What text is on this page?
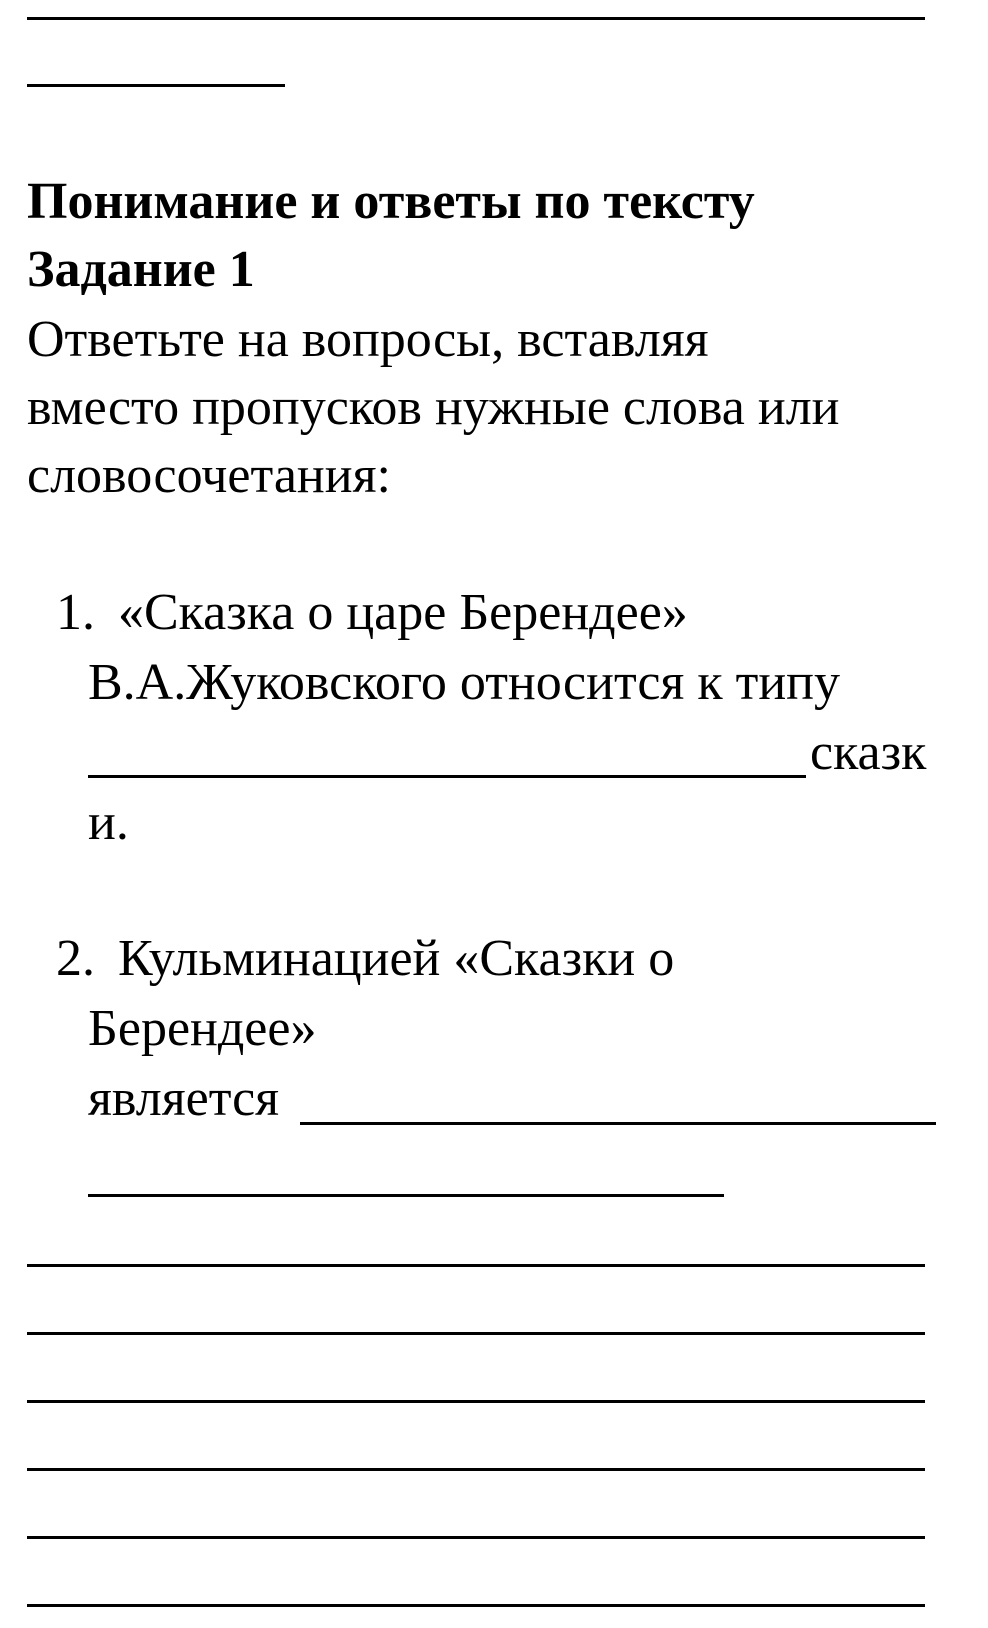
Понимание и ответы по тексту
Задание 1
Ответьте на вопросы, вставляя
вместо пропусков нужные слова или
словосочетания:
1. «Сказка о царе Берендее»
В.А.Жуковского относится к типу
сказк
и.
2. Кульминацией «Сказки о
Берендее»
является
